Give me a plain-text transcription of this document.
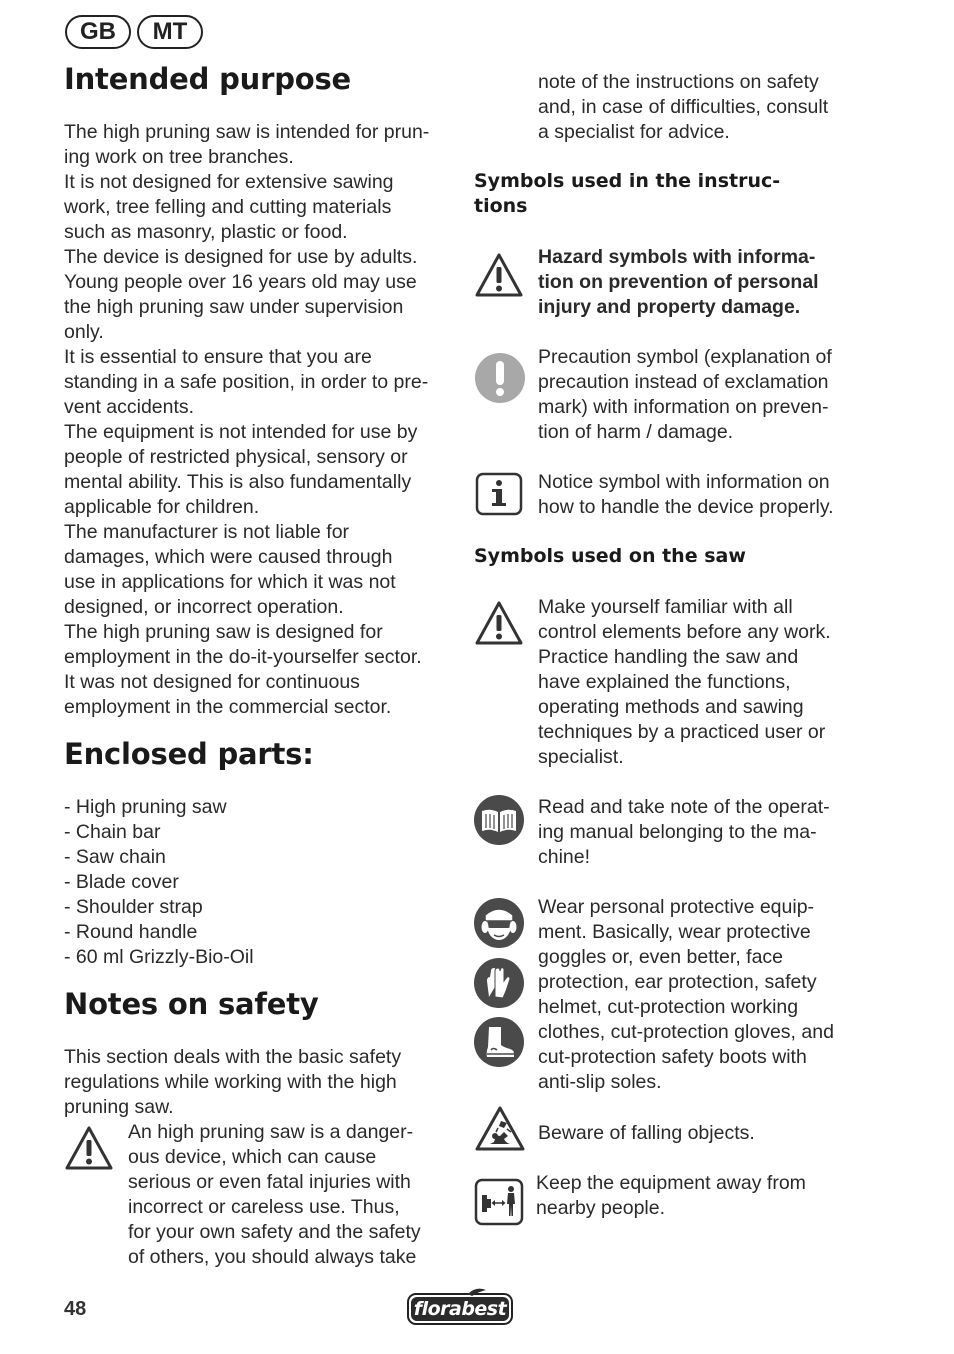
GB	MT
Intended purpose
The high pruning saw is intended for prun-
ing work on tree branches.
It is not designed for extensive sawing
work, tree felling and cutting materials
such as masonry, plastic or food.
The device is designed for use by adults.
Young people over 16 years old may use
the high pruning saw under supervision
only.
It is essential to ensure that you are
standing in a safe position, in order to pre-
vent accidents.
The equipment is not intended for use by
people of restricted physical, sensory or
mental ability. This is also fundamentally
applicable for children.
The manufacturer is not liable for
damages, which were caused through
use in applications for which it was not
designed, or incorrect operation.
The high pruning saw is designed for
employment in the do-it-yourselfer sector.
It was not designed for continuous
employment in the commercial sector.
Enclosed parts:
- High pruning saw
- Chain bar
- Saw chain
- Blade cover
- Shoulder strap
- Round handle
- 60 ml Grizzly-Bio-Oil
Notes on safety
This section deals with the basic safety
regulations while working with the high
pruning saw.
An high pruning saw is a danger-
ous device, which can cause
serious or even fatal injuries with
incorrect or careless use. Thus,
for your own safety and the safety
of others, you should always take
note of the instructions on safety
and, in case of difficulties, consult
a specialist for advice.
Symbols used in the instruc-
tions
Hazard symbols with informa-
tion on prevention of personal
injury and property damage.
Precaution symbol (explanation of
precaution instead of exclamation
mark) with information on preven-
tion of harm / damage.
Notice symbol with information on
how to handle the device properly.
Symbols used on the saw
Make yourself familiar with all
control elements before any work.
Practice handling the saw and
have explained the functions,
operating methods and sawing
techniques by a practiced user or
specialist.
Read and take note of the operat-
ing manual belonging to the ma-
chine!
Wear personal protective equip-
ment. Basically, wear protective
goggles or, even better, face
protection, ear protection, safety
helmet, cut-protection working
clothes, cut-protection gloves, and
cut-protection safety boots with
anti-slip soles.
Beware of falling objects.
Keep the equipment away from
nearby people.
48	florabest
